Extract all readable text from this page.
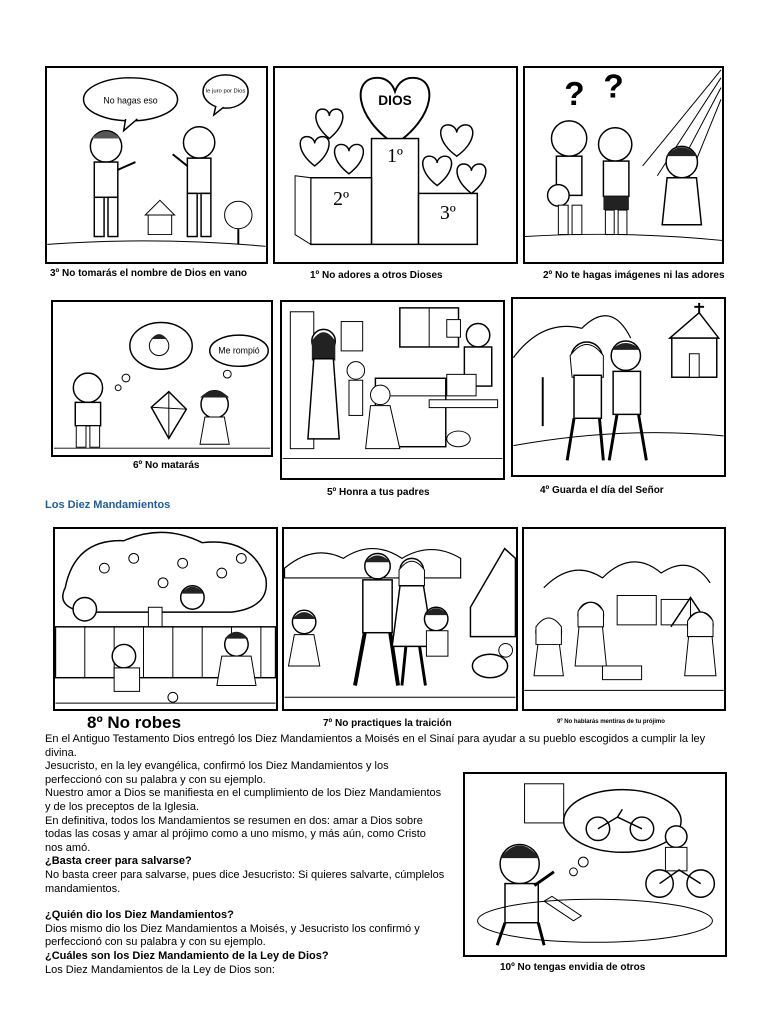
No hagas eso
le juro por Dios
3º No tomarás el nombre de Dios en vano
DIOS
1º
2º
3º
1º No adores a otros Dioses
? ?
2º No te hagas imágenes ni las adores
Me rompió
6º No matarás
5º Honra a tus padres	4º Guarda el día del Señor
Los Diez Mandamientos
8º No robes	7º No practiques la traición	9º No hablarás mentiras de tu prójimo
10º No tengas envidia de otros

En el Antiguo Testamento Dios entregó los Diez Mandamientos a Moisés en el Sinaí para ayudar a su pueblo escogidos a cumplir la ley divina.

Jesucristo, en la ley evangélica, confirmó los Diez Mandamientos y los perfeccionó con su palabra y con su ejemplo.

Nuestro amor a Dios se manifiesta en el cumplimiento de los Diez Mandamientos y de los preceptos de la Iglesia.

En definitiva, todos los Mandamientos se resumen en dos: amar a Dios sobre todas las cosas y amar al prójimo como a uno mismo, y más aún, como Cristo nos amó.

¿Basta creer para salvarse?

No basta creer para salvarse, pues dice Jesucristo: Si quieres salvarte, cúmplelos mandamientos.

¿Quién dio los Diez Mandamientos?

Dios mismo dio los Diez Mandamientos a Moisés, y Jesucristo los confirmó y perfeccionó con su palabra y con su ejemplo.

¿Cuáles son los Diez Mandamiento de la Ley de Dios?

Los Diez Mandamientos de la Ley de Dios son:
